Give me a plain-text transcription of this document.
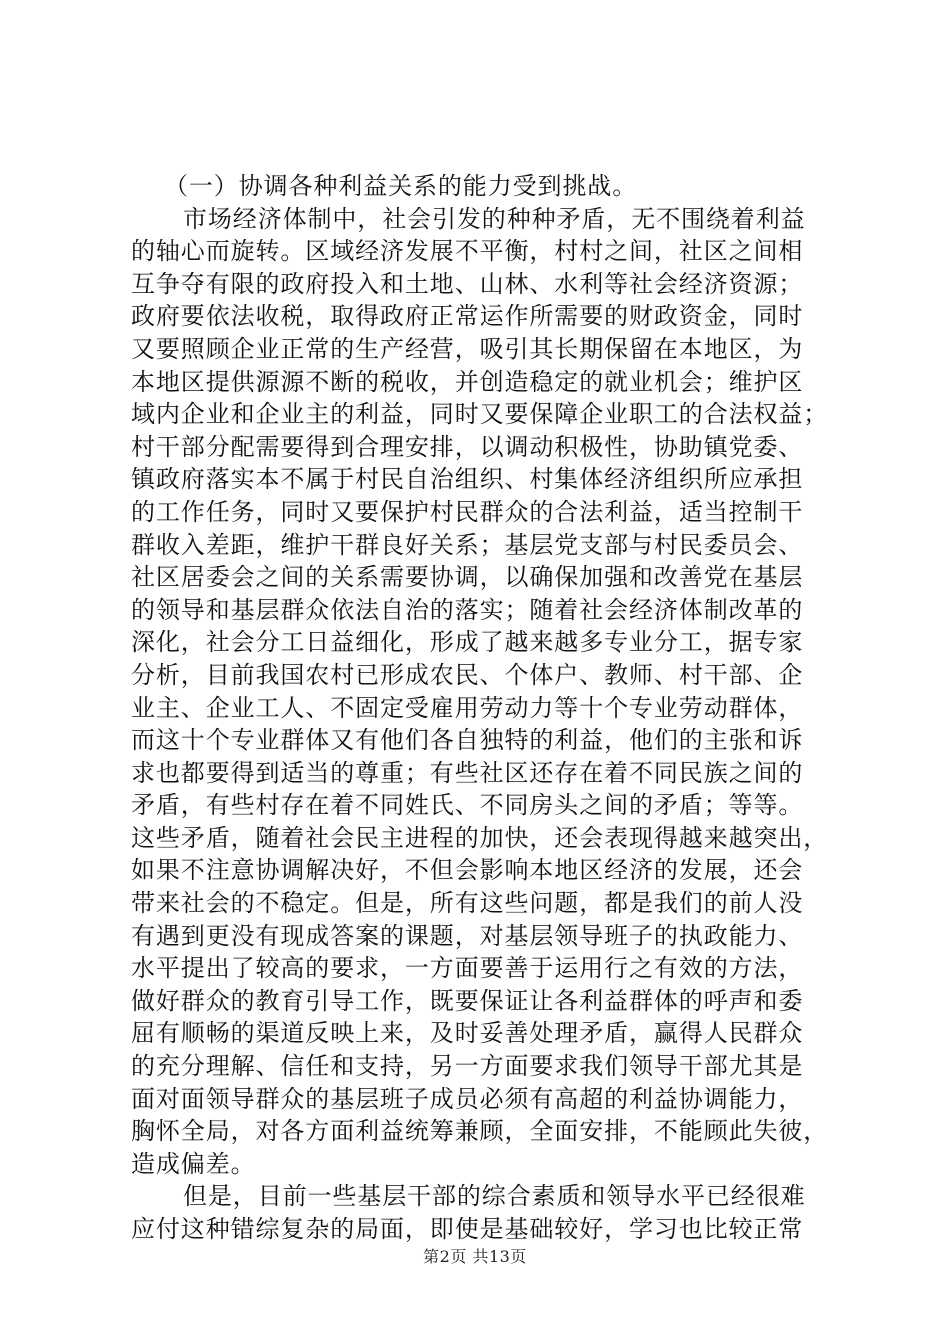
（一）协调各种利益关系的能力受到挑战。
市场经济体制中，社会引发的种种矛盾，无不围绕着利益
的轴心而旋转。区域经济发展不平衡，村村之间，社区之间相
互争夺有限的政府投入和土地、山林、水利等社会经济资源；
政府要依法收税，取得政府正常运作所需要的财政资金，同时
又要照顾企业正常的生产经营，吸引其长期保留在本地区，为
本地区提供源源不断的税收，并创造稳定的就业机会；维护区
域内企业和企业主的利益，同时又要保障企业职工的合法权益；
村干部分配需要得到合理安排，以调动积极性，协助镇党委、
镇政府落实本不属于村民自治组织、村集体经济组织所应承担
的工作任务，同时又要保护村民群众的合法利益，适当控制干
群收入差距，维护干群良好关系；基层党支部与村民委员会、
社区居委会之间的关系需要协调，以确保加强和改善党在基层
的领导和基层群众依法自治的落实；随着社会经济体制改革的
深化，社会分工日益细化，形成了越来越多专业分工，据专家
分析，目前我国农村已形成农民、个体户、教师、村干部、企
业主、企业工人、不固定受雇用劳动力等十个专业劳动群体，
而这十个专业群体又有他们各自独特的利益，他们的主张和诉
求也都要得到适当的尊重；有些社区还存在着不同民族之间的
矛盾，有些村存在着不同姓氏、不同房头之间的矛盾；等等。
这些矛盾，随着社会民主进程的加快，还会表现得越来越突出，
如果不注意协调解决好，不但会影响本地区经济的发展，还会
带来社会的不稳定。但是，所有这些问题，都是我们的前人没
有遇到更没有现成答案的课题，对基层领导班子的执政能力、
水平提出了较高的要求，一方面要善于运用行之有效的方法，
做好群众的教育引导工作，既要保证让各利益群体的呼声和委
屈有顺畅的渠道反映上来，及时妥善处理矛盾，赢得人民群众
的充分理解、信任和支持，另一方面要求我们领导干部尤其是
面对面领导群众的基层班子成员必须有高超的利益协调能力，
胸怀全局，对各方面利益统筹兼顾，全面安排，不能顾此失彼，
造成偏差。
但是，目前一些基层干部的综合素质和领导水平已经很难
应付这种错综复杂的局面，即使是基础较好，学习也比较正常
第2页 共13页
